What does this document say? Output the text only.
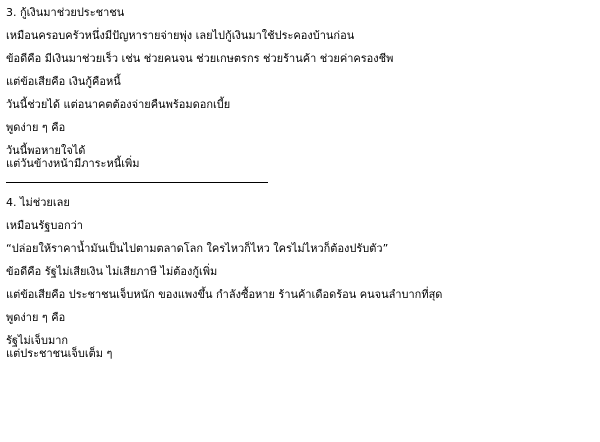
3. กู้เงินมาช่วยประชาชน

เหมือนครอบครัวหนึ่งมีปัญหารายจ่ายพุ่ง เลยไปกู้เงินมาใช้ประคองบ้านก่อน

ข้อดีคือ มีเงินมาช่วยเร็ว เช่น ช่วยคนจน ช่วยเกษตรกร ช่วยร้านค้า ช่วยค่าครองชีพ

แต่ข้อเสียคือ เงินกู้คือหนี้

วันนี้ช่วยได้ แต่อนาคตต้องจ่ายคืนพร้อมดอกเบี้ย

พูดง่าย ๆ คือ

วันนี้พอหายใจได้

แต่วันข้างหน้ามีภาระหนี้เพิ่ม

4. ไม่ช่วยเลย

เหมือนรัฐบอกว่า

“ปล่อยให้ราคาน้ำมันเป็นไปตามตลาดโลก ใครไหวก็ไหว ใครไม่ไหวก็ต้องปรับตัว”

ข้อดีคือ รัฐไม่เสียเงิน ไม่เสียภาษี ไม่ต้องกู้เพิ่ม

แต่ข้อเสียคือ ประชาชนเจ็บหนัก ของแพงขึ้น กำลังซื้อหาย ร้านค้าเดือดร้อน คนจนลำบากที่สุด

พูดง่าย ๆ คือ

รัฐไม่เจ็บมาก

แต่ประชาชนเจ็บเต็ม ๆ
